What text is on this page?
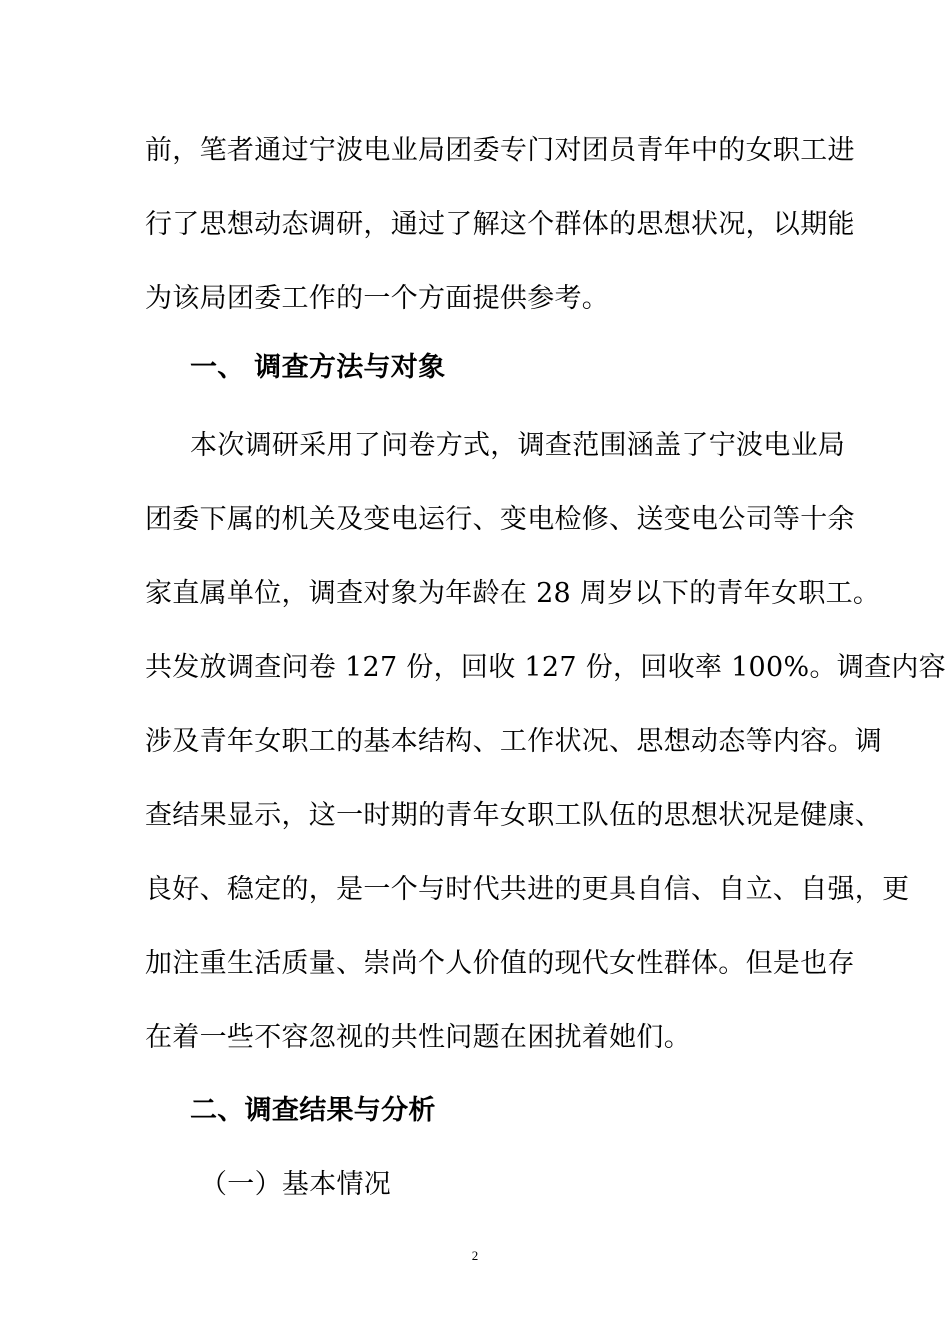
前，笔者通过宁波电业局团委专门对团员青年中的女职工进
行了思想动态调研，通过了解这个群体的思想状况，以期能
为该局团委工作的一个方面提供参考。
一、 调查方法与对象
本次调研采用了问卷方式，调查范围涵盖了宁波电业局
团委下属的机关及变电运行、变电检修、送变电公司等十余
家直属单位，调查对象为年龄在 28 周岁以下的青年女职工。
共发放调查问卷 127 份，回收 127 份，回收率 100%。调查内容
涉及青年女职工的基本结构、工作状况、思想动态等内容。调
查结果显示，这一时期的青年女职工队伍的思想状况是健康、
良好、稳定的，是一个与时代共进的更具自信、自立、自强，更
加注重生活质量、崇尚个人价值的现代女性群体。但是也存
在着一些不容忽视的共性问题在困扰着她们。
二、调查结果与分析
（一）基本情况
2
